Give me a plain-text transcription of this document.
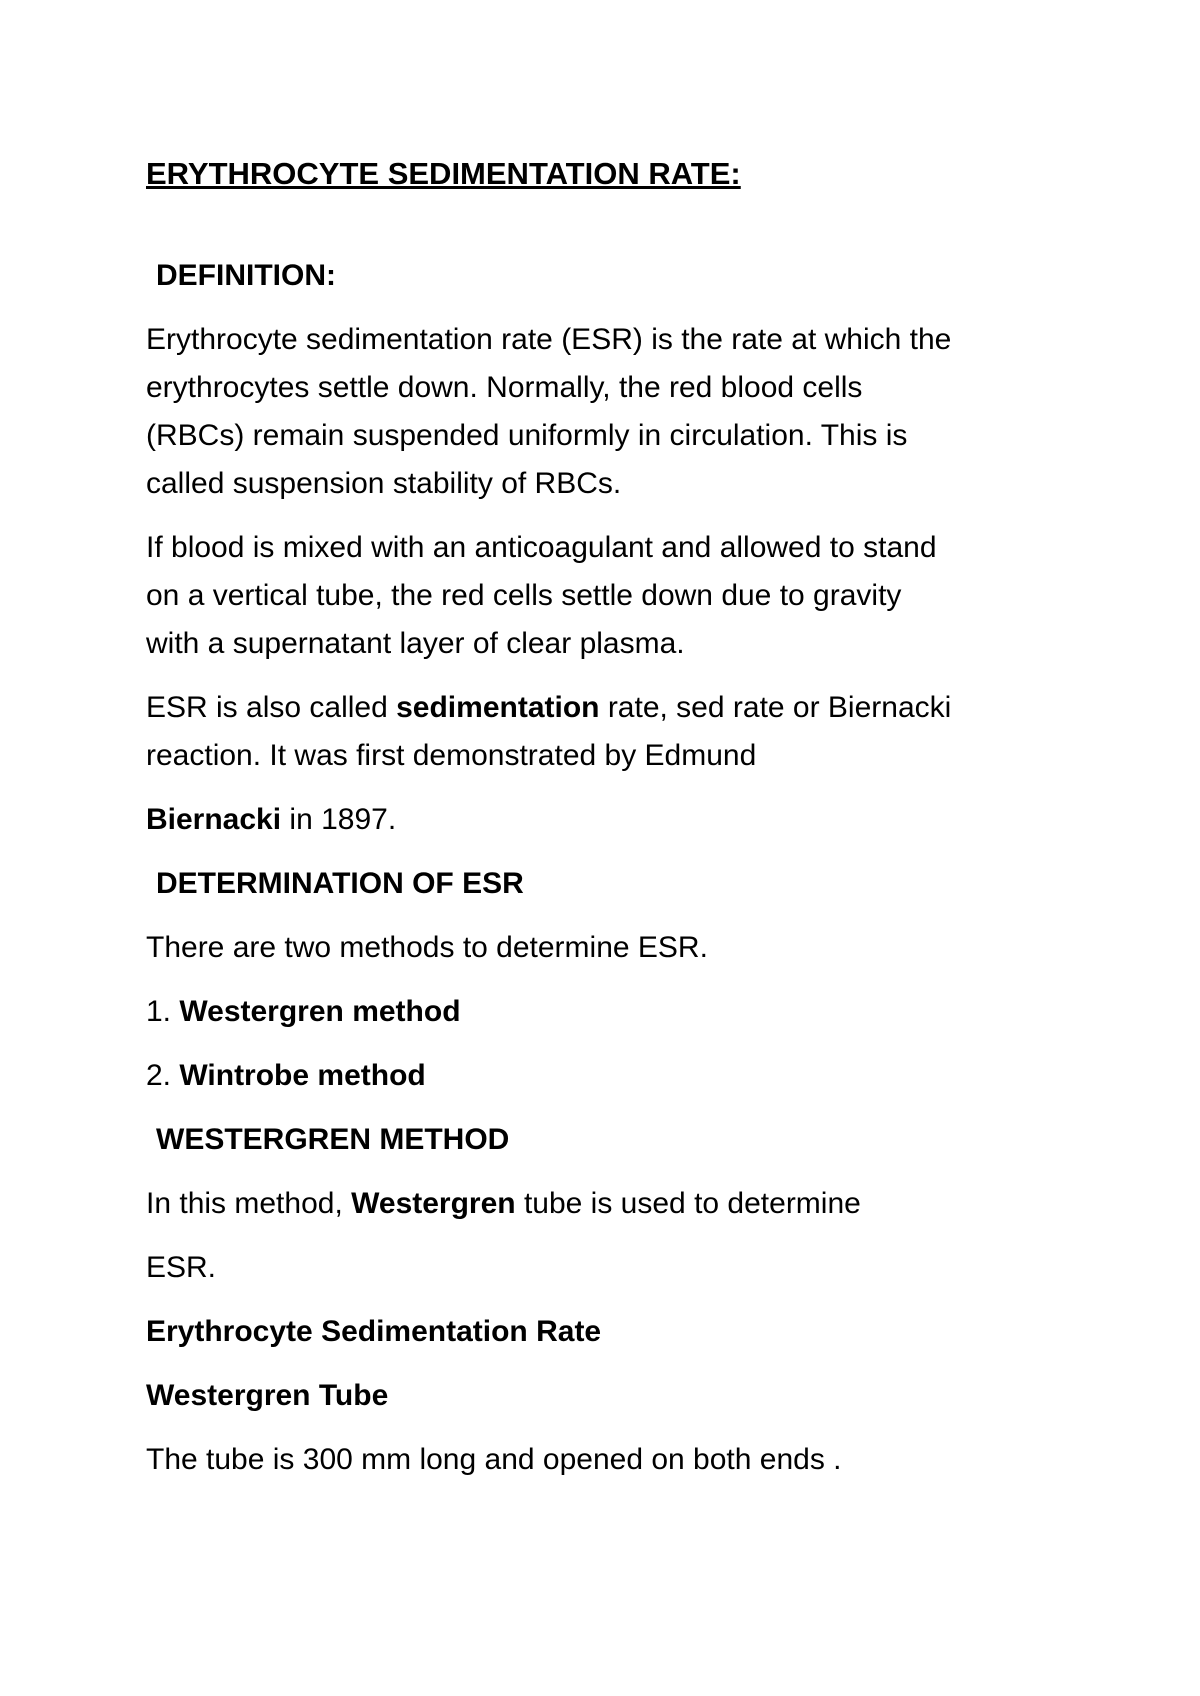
ERYTHROCYTE SEDIMENTATION RATE:
DEFINITION:
Erythrocyte sedimentation rate (ESR) is the rate at which the
erythrocytes settle down. Normally, the red blood cells
(RBCs) remain suspended uniformly in circulation. This is
called suspension stability of RBCs.
If blood is mixed with an anticoagulant and allowed to stand
on a vertical tube, the red cells settle down due to gravity
with a supernatant layer of clear plasma.
ESR is also called sedimentation rate, sed rate or Biernacki
reaction. It was first demonstrated by Edmund
Biernacki in 1897.
DETERMINATION OF ESR
There are two methods to determine ESR.
1. Westergren method
2. Wintrobe method
WESTERGREN METHOD
In this method, Westergren tube is used to determine
ESR.
Erythrocyte Sedimentation Rate
Westergren Tube
The tube is 300 mm long and opened on both ends .
